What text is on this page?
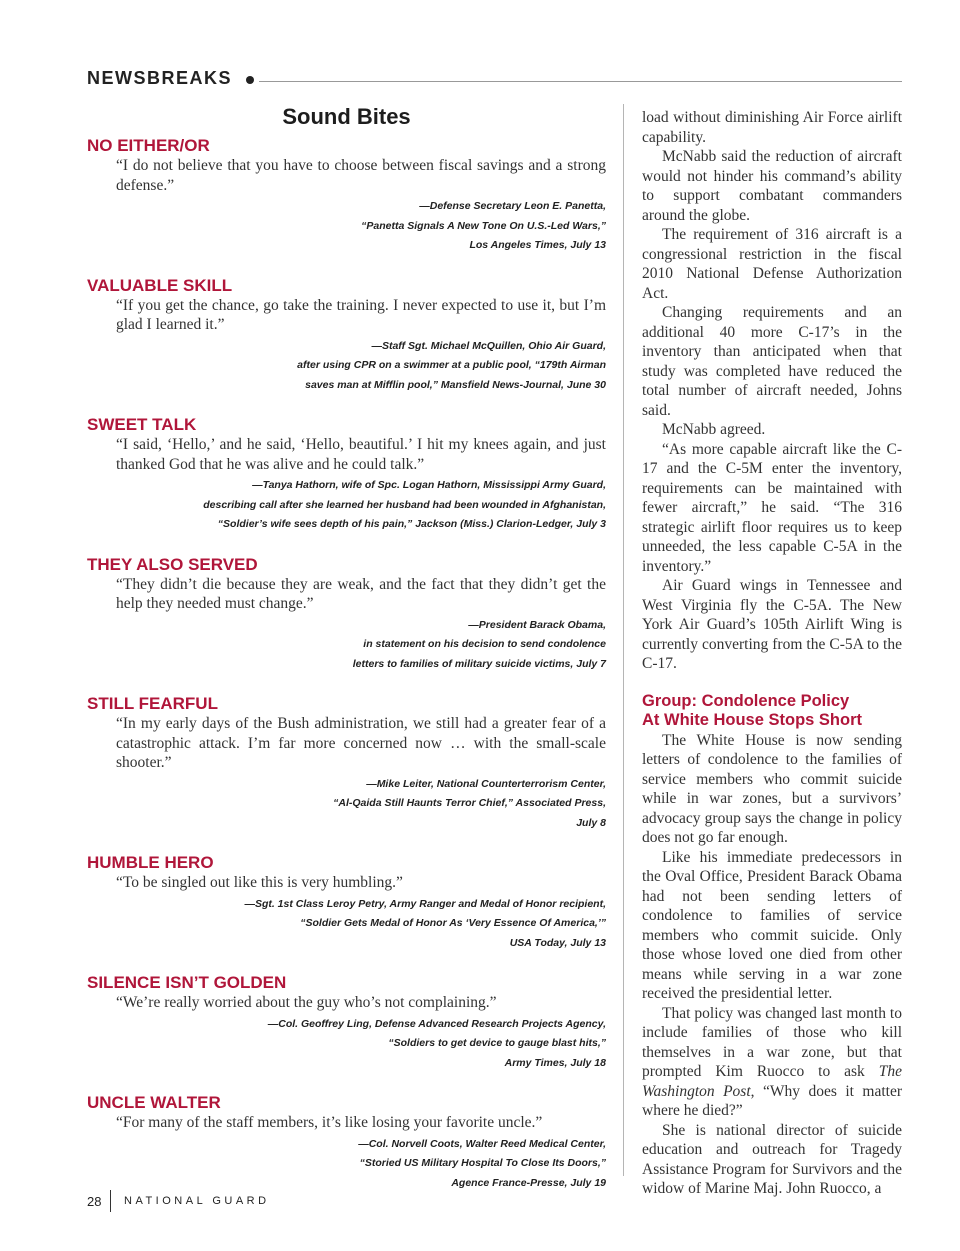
NEWSBREAKS
Sound Bites
NO EITHER/OR
“I do not believe that you have to choose between fiscal savings and a strong defense.”
—Defense Secretary Leon E. Panetta,
“Panetta Signals A New Tone On U.S.-Led Wars,”
Los Angeles Times, July 13
VALUABLE SKILL
“If you get the chance, go take the training. I never expected to use it, but I’m glad I learned it.”
—Staff Sgt. Michael McQuillen, Ohio Air Guard,
after using CPR on a swimmer at a public pool, “179th Airman
saves man at Mifflin pool,” Mansfield News-Journal, June 30
SWEET TALK
“I said, ‘Hello,’ and he said, ‘Hello, beautiful.’ I hit my knees again, and just thanked God that he was alive and he could talk.”
—Tanya Hathorn, wife of Spc. Logan Hathorn, Mississippi Army Guard,
describing call after she learned her husband had been wounded in Afghanistan,
“Soldier’s wife sees depth of his pain,” Jackson (Miss.) Clarion-Ledger, July 3
THEY ALSO SERVED
“They didn’t die because they are weak, and the fact that they didn’t get the help they needed must change.”
—President Barack Obama,
in statement on his decision to send condolence
letters to families of military suicide victims, July 7
STILL FEARFUL
“In my early days of the Bush administration, we still had a greater fear of a catastrophic attack. I’m far more concerned now … with the small-scale shooter.”
—Mike Leiter, National Counterterrorism Center,
“Al-Qaida Still Haunts Terror Chief,” Associated Press,
July 8
HUMBLE HERO
“To be singled out like this is very humbling.”
—Sgt. 1st Class Leroy Petry, Army Ranger and Medal of Honor recipient,
“Soldier Gets Medal of Honor As ‘Very Essence Of America,’”
USA Today, July 13
SILENCE ISN’T GOLDEN
“We’re really worried about the guy who’s not complaining.”
—Col. Geoffrey Ling, Defense Advanced Research Projects Agency,
“Soldiers to get device to gauge blast hits,”
Army Times, July 18
UNCLE WALTER
“For many of the staff members, it’s like losing your favorite uncle.”
—Col. Norvell Coots, Walter Reed Medical Center,
“Storied US Military Hospital To Close Its Doors,”
Agence France-Presse, July 19

load without diminishing Air Force airlift capability.

McNabb said the reduction of aircraft would not hinder his command’s ability to support combatant commanders around the globe.

The requirement of 316 aircraft is a congressional restriction in the fiscal 2010 National Defense Authorization Act.

Changing requirements and an additional 40 more C-17’s in the inventory than anticipated when that study was completed have reduced the total number of aircraft needed, Johns said.

McNabb agreed.

“As more capable aircraft like the C-17 and the C-5M enter the inventory, requirements can be maintained with fewer aircraft,” he said. “The 316 strategic airlift floor requires us to keep unneeded, the less capable C-5A in the inventory.”

Air Guard wings in Tennessee and West Virginia fly the C-5A. The New York Air Guard’s 105th Airlift Wing is currently converting from the C-5A to the C-17.

Group: Condolence Policy
At White House Stops Short

The White House is now sending letters of condolence to the families of service members who commit suicide while in war zones, but a survivors’ advocacy group says the change in policy does not go far enough.

Like his immediate predecessors in the Oval Office, President Barack Obama had not been sending letters of condolence to families of service members who commit suicide. Only those whose loved one died from other means while serving in a war zone received the presidential letter.

That policy was changed last month to include families of those who kill themselves in a war zone, but that prompted Kim Ruocco to ask The Washington Post, “Why does it matter where he died?”

She is national director of suicide education and outreach for Tragedy Assistance Program for Survivors and the widow of Marine Maj. John Ruocco, a

28 NATIONAL GUARD
